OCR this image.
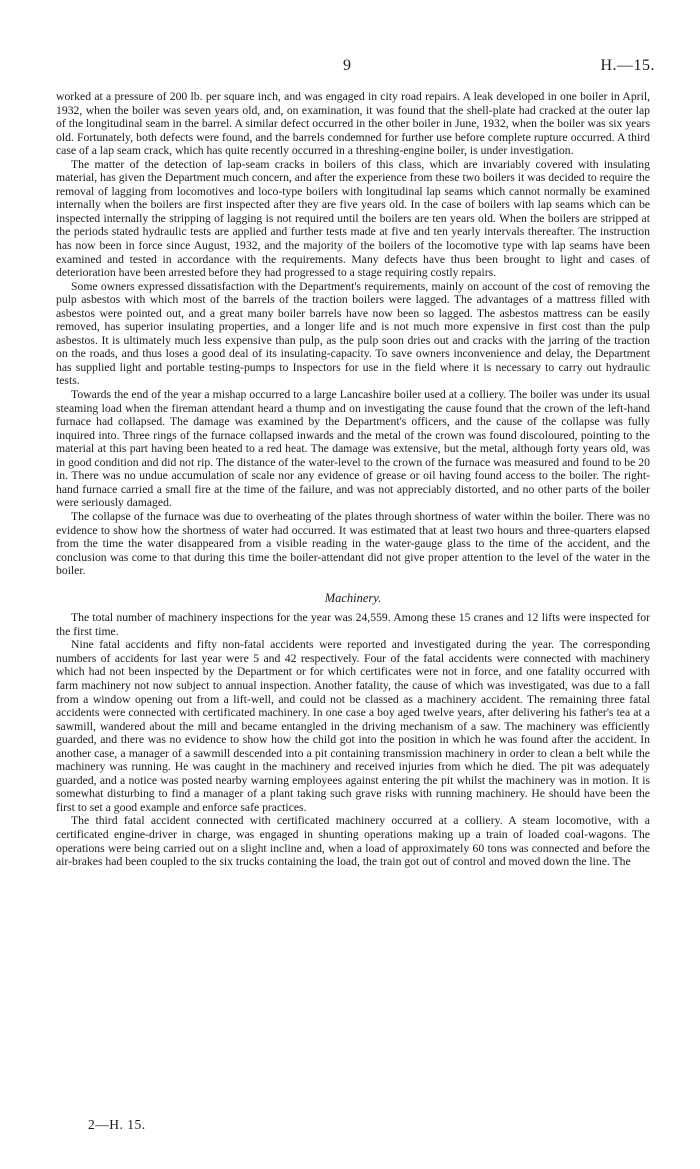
9	H.—15.

worked at a pressure of 200 lb. per square inch, and was engaged in city road repairs. A leak developed in one boiler in April, 1932, when the boiler was seven years old, and, on examination, it was found that the shell-plate had cracked at the outer lap of the longitudinal seam in the barrel. A similar defect occurred in the other boiler in June, 1932, when the boiler was six years old. Fortunately, both defects were found, and the barrels condemned for further use before complete rupture occurred. A third case of a lap seam crack, which has quite recently occurred in a threshing-engine boiler, is under investigation.

The matter of the detection of lap-seam cracks in boilers of this class, which are invariably covered with insulating material, has given the Department much concern, and after the experience from these two boilers it was decided to require the removal of lagging from locomotives and loco-type boilers with longitudinal lap seams which cannot normally be examined internally when the boilers are first inspected after they are five years old. In the case of boilers with lap seams which can be inspected internally the stripping of lagging is not required until the boilers are ten years old. When the boilers are stripped at the periods stated hydraulic tests are applied and further tests made at five and ten yearly intervals thereafter. The instruction has now been in force since August, 1932, and the majority of the boilers of the locomotive type with lap seams have been examined and tested in accordance with the requirements. Many defects have thus been brought to light and cases of deterioration have been arrested before they had progressed to a stage requiring costly repairs.

Some owners expressed dissatisfaction with the Department's requirements, mainly on account of the cost of removing the pulp asbestos with which most of the barrels of the traction boilers were lagged. The advantages of a mattress filled with asbestos were pointed out, and a great many boiler barrels have now been so lagged. The asbestos mattress can be easily removed, has superior insulating properties, and a longer life and is not much more expensive in first cost than the pulp asbestos. It is ultimately much less expensive than pulp, as the pulp soon dries out and cracks with the jarring of the traction on the roads, and thus loses a good deal of its insulating-capacity. To save owners inconvenience and delay, the Department has supplied light and portable testing-pumps to Inspectors for use in the field where it is necessary to carry out hydraulic tests.

Towards the end of the year a mishap occurred to a large Lancashire boiler used at a colliery. The boiler was under its usual steaming load when the fireman attendant heard a thump and on investigating the cause found that the crown of the left-hand furnace had collapsed. The damage was examined by the Department's officers, and the cause of the collapse was fully inquired into. Three rings of the furnace collapsed inwards and the metal of the crown was found discoloured, pointing to the material at this part having been heated to a red heat. The damage was extensive, but the metal, although forty years old, was in good condition and did not rip. The distance of the water-level to the crown of the furnace was measured and found to be 20 in. There was no undue accumulation of scale nor any evidence of grease or oil having found access to the boiler. The right-hand furnace carried a small fire at the time of the failure, and was not appreciably distorted, and no other parts of the boiler were seriously damaged.

The collapse of the furnace was due to overheating of the plates through shortness of water within the boiler. There was no evidence to show how the shortness of water had occurred. It was estimated that at least two hours and three-quarters elapsed from the time the water disappeared from a visible reading in the water-gauge glass to the time of the accident, and the conclusion was come to that during this time the boiler-attendant did not give proper attention to the level of the water in the boiler.

Machinery.

The total number of machinery inspections for the year was 24,559. Among these 15 cranes and 12 lifts were inspected for the first time.

Nine fatal accidents and fifty non-fatal accidents were reported and investigated during the year. The corresponding numbers of accidents for last year were 5 and 42 respectively. Four of the fatal accidents were connected with machinery which had not been inspected by the Department or for which certificates were not in force, and one fatality occurred with farm machinery not now subject to annual inspection. Another fatality, the cause of which was investigated, was due to a fall from a window opening out from a lift-well, and could not be classed as a machinery accident. The remaining three fatal accidents were connected with certificated machinery. In one case a boy aged twelve years, after delivering his father's tea at a sawmill, wandered about the mill and became entangled in the driving mechanism of a saw. The machinery was efficiently guarded, and there was no evidence to show how the child got into the position in which he was found after the accident. In another case, a manager of a sawmill descended into a pit containing transmission machinery in order to clean a belt while the machinery was running. He was caught in the machinery and received injuries from which he died. The pit was adequately guarded, and a notice was posted nearby warning employees against entering the pit whilst the machinery was in motion. It is somewhat disturbing to find a manager of a plant taking such grave risks with running machinery. He should have been the first to set a good example and enforce safe practices.

The third fatal accident connected with certificated machinery occurred at a colliery. A steam locomotive, with a certificated engine-driver in charge, was engaged in shunting operations making up a train of loaded coal-wagons. The operations were being carried out on a slight incline and, when a load of approximately 60 tons was connected and before the air-brakes had been coupled to the six trucks containing the load, the train got out of control and moved down the line. The

2—H. 15.
